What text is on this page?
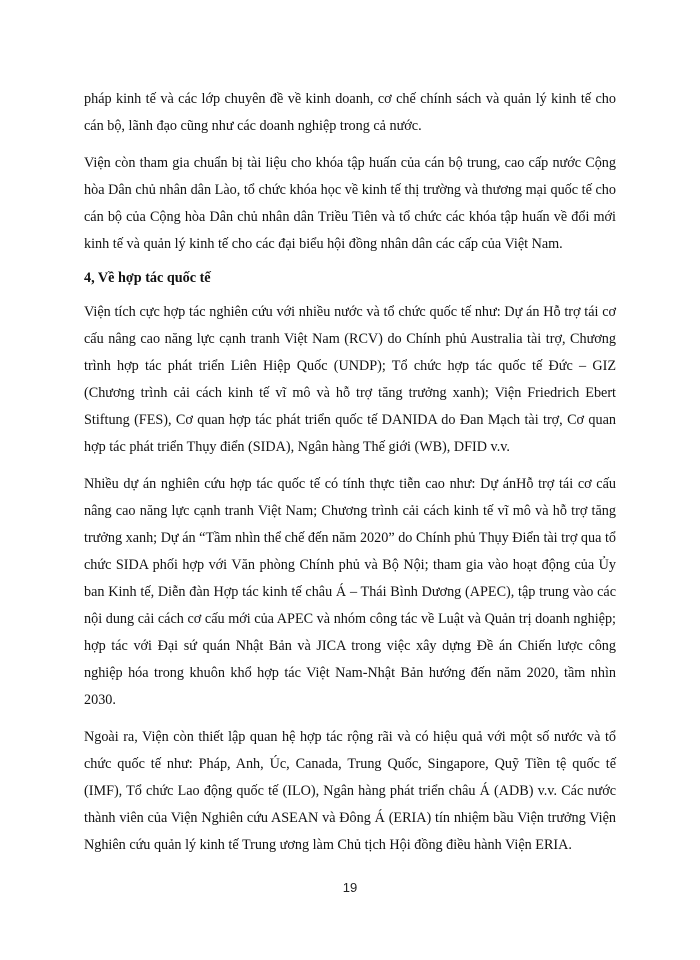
pháp kinh tế và các lớp chuyên đề về kinh doanh, cơ chế chính sách và quản lý kinh tế cho cán bộ, lãnh đạo cũng như các doanh nghiệp trong cả nước.

Viện còn tham gia chuẩn bị tài liệu cho khóa tập huấn của cán bộ trung, cao cấp nước Cộng hòa Dân chủ nhân dân Lào, tổ chức khóa học về kinh tế thị trường và thương mại quốc tế cho cán bộ của Cộng hòa Dân chủ nhân dân Triều Tiên và tổ chức các khóa tập huấn về đổi mới kinh tế và quản lý kinh tế cho các đại biểu hội đồng nhân dân các cấp của Việt Nam.

4, Về hợp tác quốc tế

Viện tích cực hợp tác nghiên cứu với nhiều nước và tổ chức quốc tế như: Dự án Hỗ trợ tái cơ cấu nâng cao năng lực cạnh tranh Việt Nam (RCV) do Chính phủ Australia tài trợ, Chương trình hợp tác phát triển Liên Hiệp Quốc (UNDP); Tổ chức hợp tác quốc tế Đức – GIZ (Chương trình cải cách kinh tế vĩ mô và hỗ trợ tăng trưởng xanh); Viện Friedrich Ebert Stiftung (FES), Cơ quan hợp tác phát triển quốc tế DANIDA do Đan Mạch tài trợ, Cơ quan hợp tác phát triển Thụy điển (SIDA), Ngân hàng Thế giới (WB), DFID v.v.

Nhiều dự án nghiên cứu hợp tác quốc tế có tính thực tiễn cao như: Dự ánHỗ trợ tái cơ cấu nâng cao năng lực cạnh tranh Việt Nam; Chương trình cải cách kinh tế vĩ mô và hỗ trợ tăng trưởng xanh; Dự án “Tầm nhìn thể chế đến năm 2020” do Chính phủ Thụy Điển tài trợ qua tổ chức SIDA phối hợp với Văn phòng Chính phủ và Bộ Nội; tham gia vào hoạt động của Ủy ban Kinh tế, Diễn đàn Hợp tác kinh tế châu Á – Thái Bình Dương (APEC), tập trung vào các nội dung cải cách cơ cấu mới của APEC và nhóm công tác về Luật và Quản trị doanh nghiệp; hợp tác với Đại sứ quán Nhật Bản và JICA trong việc xây dựng Đề án Chiến lược công nghiệp hóa trong khuôn khổ hợp tác Việt Nam-Nhật Bản hướng đến năm 2020, tầm nhìn 2030.

Ngoài ra, Viện còn thiết lập quan hệ hợp tác rộng rãi và có hiệu quả với một số nước và tổ chức quốc tế như: Pháp, Anh, Úc, Canada, Trung Quốc, Singapore, Quỹ Tiền tệ quốc tế (IMF), Tổ chức Lao động quốc tế (ILO), Ngân hàng phát triển châu Á (ADB) v.v. Các nước thành viên của Viện Nghiên cứu ASEAN và Đông Á (ERIA) tín nhiệm bầu Viện trưởng Viện Nghiên cứu quản lý kinh tế Trung ương làm Chủ tịch Hội đồng điều hành Viện ERIA.

19
